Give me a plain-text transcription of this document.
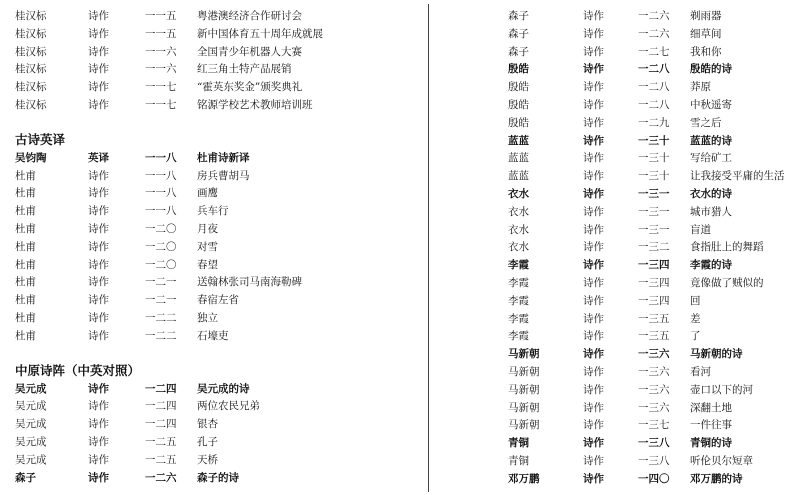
桂汉标	诗作	一一五 粤港澳经济合作研讨会
桂汉标	诗作	一一五 新中国体育五十周年成就展
桂汉标	诗作	一一六 全国青少年机器人大赛
桂汉标	诗作	一一六 红三角土特产品展销
桂汉标	诗作	一一七 “霍英东奖金”颁奖典礼
桂汉标	诗作	一一七 铭源学校艺术教师培训班
古诗英译
吴钧陶	英译	一一八 杜甫诗新译
杜甫	诗作	一一八 房兵曹胡马
杜甫	诗作	一一八 画鹰
杜甫	诗作	一一八 兵车行
杜甫	诗作	一二〇 月夜
杜甫	诗作	一二〇 对雪
杜甫	诗作	一二〇 春望
杜甫	诗作	一二一 送翰林张司马南海勒碑
杜甫	诗作	一二一 春宿左省
杜甫	诗作	一二二 独立
杜甫	诗作	一二二 石壕吏
中原诗阵（中英对照）
吴元成	诗作	一二四 吴元成的诗
吴元成	诗作	一二四 两位农民兄弟
吴元成	诗作	一二四 银杏
吴元成	诗作	一二五 孔子
吴元成	诗作	一二五 天桥
森子	诗作	一二六 森子的诗
森子	诗作	一二六 剃雨器
森子	诗作	一二六 细草间
森子	诗作	一二七 我和你
殷皓	诗作	一二八 殷皓的诗
殷皓	诗作	一二八 莽原
殷皓	诗作	一二八 中秋遥寄
殷皓	诗作	一二九 雪之后
蓝蓝	诗作	一三十 蓝蓝的诗
蓝蓝	诗作	一三十 写给矿工
蓝蓝	诗作	一三十 让我接受平庸的生活
衣水	诗作	一三一 衣水的诗
衣水	诗作	一三一 城市猎人
衣水	诗作	一三一 盲道
衣水	诗作	一三二 食指肚上的舞蹈
李霞	诗作	一三四 李霞的诗
李霞	诗作	一三四 竟像做了贼似的
李霞	诗作	一三四 回
李霞	诗作	一三五 差
李霞	诗作	一三五 了
马新朝	诗作	一三六 马新朝的诗
马新朝	诗作	一三六 看河
马新朝	诗作	一三六 壶口以下的河
马新朝	诗作	一三六 深翻土地
马新朝	诗作	一三七 一件往事
青铜	诗作	一三八 青铜的诗
青铜	诗作	一三八 听伦贝尔短章
邓万鹏	诗作	一四〇 邓万鹏的诗
